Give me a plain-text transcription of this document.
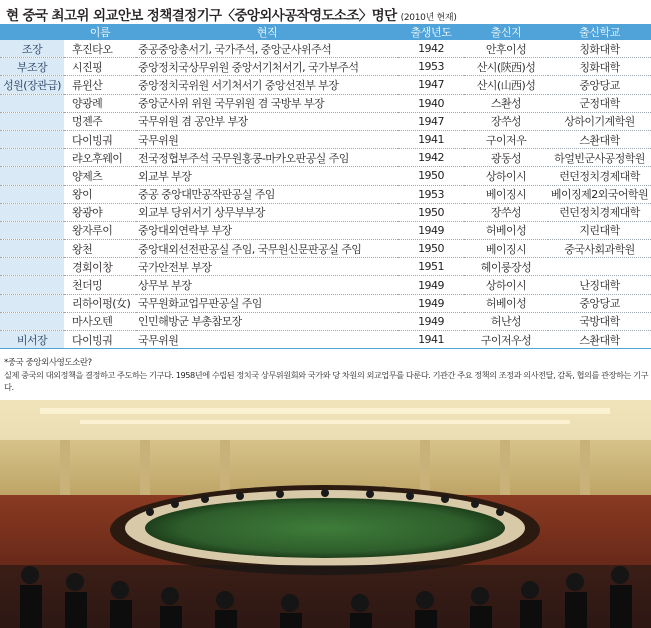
현 중국 최고위 외교안보 정책결정기구〈중앙외사공작영도소조〉명단 (2010년 현재)
	이름	현직	출생년도	출신지	출신학교
조장	후진타오	중공중앙총서기, 국가주석, 중앙군사위주석	1942	안후이성	칭화대학
부조장	시진핑	중앙정치국상무위원 중앙서기처서기, 국가부주석	1953	산시(陝西)성	칭화대학
성원(장관급)	류윈산	중앙정치국위원 서기처서기 중앙선전부 부장	1947	산시(山西)성	중앙당교
	양광례	중앙군사위 위원 국무위원 겸 국방부 부장	1940	스촨성	군정대학
	멍젠주	국무위원 겸 공안부 부장	1947	장쑤성	상하이기계학원
	다이빙궈	국무위원	1941	구이저우	스촨대학
	랴오후웨이	전국정협부주석 국무원홍콩-마카오판공실 주임	1942	광동성	하얼빈군사공정학원
	양제츠	외교부 부장	1950	상하이시	런던정치경제대학
	왕이	중공 중앙대만공작판공실 주임	1953	베이징시	베이징제2외국어학원
	왕광야	외교부 당위서기 상무부부장	1950	장쑤성	런던정치경제대학
	왕자루이	중앙대외연락부 부장	1949	허베이성	지린대학
	왕천	중앙대외선전판공실 주임, 국무원신문판공실 주임	1950	베이징시	중국사회과학원
	경회이창	국가안전부 부장	1951	헤이룽장성	
	천더밍	상무부 부장	1949	상하이시	난징대학
	리하이펑(女)	국무원화교업무판공실 주임	1949	허베이성	중앙당교
	마사오텐	인민해방군 부총참모장	1949	허난성	국방대학
비서장	다이빙궈	국무위원	1941	구이저우성	스촨대학
*중국 중앙외사영도소란?
실제 중국의 대외정책을 결정하고 주도하는 기구다. 1958년에 수립된 정치국 상무위원회와 국가와 당 차원의 외교업무를 다룬다. 기관간 주요 정책의 조정과 의사전달, 감독, 협의를 관장하는 기구다.
